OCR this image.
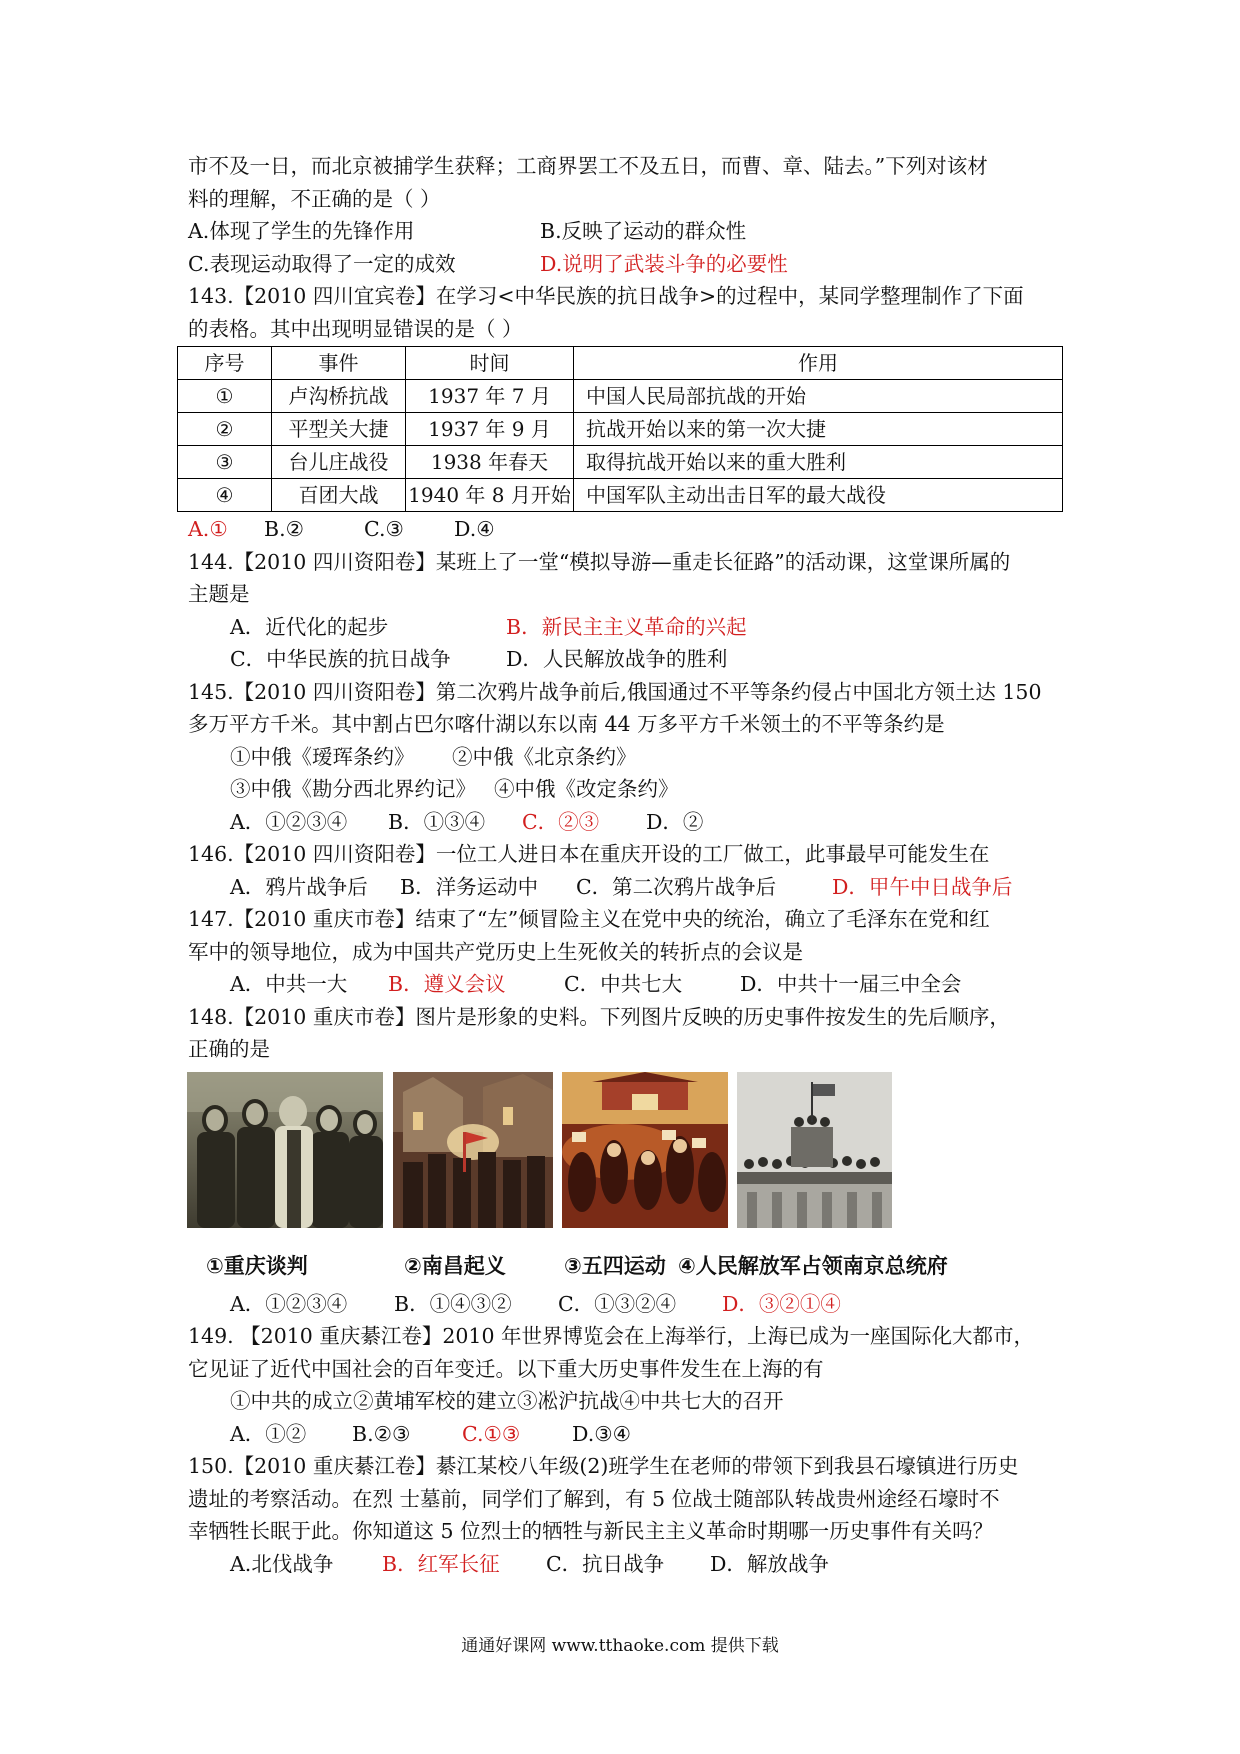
市不及一日，而北京被捕学生获释；工商界罢工不及五日，而曹、章、陆去。”下列对该材
料的理解，不正确的是（ ）
A.体现了学生的先锋作用	B.反映了运动的群众性
C.表现运动取得了一定的成效	D.说明了武装斗争的必要性
143.【2010 四川宜宾卷】在学习<中华民族的抗日战争>的过程中，某同学整理制作了下面
的表格。其中出现明显错误的是（ ）
序号	事件	时间	作用
①	卢沟桥抗战	1937 年 7 月	中国人民局部抗战的开始
②	平型关大捷	1937 年 9 月	抗战开始以来的第一次大捷
③	台儿庄战役	1938 年春天	取得抗战开始以来的重大胜利
④	百团大战	1940 年 8 月开始	中国军队主动出击日军的最大战役
A.①	B.②	C.③	D.④
144.【2010 四川资阳卷】某班上了一堂“模拟导游—重走长征路”的活动课，这堂课所属的
主题是
A．近代化的起步	B．新民主主义革命的兴起
C．中华民族的抗日战争	D．人民解放战争的胜利
145.【2010 四川资阳卷】第二次鸦片战争前后,俄国通过不平等条约侵占中国北方领土达 150
多万平方千米。其中割占巴尔喀什湖以东以南 44 万多平方千米领土的不平等条约是
①中俄《瑷珲条约》	②中俄《北京条约》
③中俄《勘分西北界约记》 ④中俄《改定条约》
A．①②③④	B．①③④	C．②③	D．②
146.【2010 四川资阳卷】一位工人进日本在重庆开设的工厂做工，此事最早可能发生在
A．鸦片战争后	B．洋务运动中	C．第二次鸦片战争后	D．甲午中日战争后
147.【2010 重庆市卷】结束了“左”倾冒险主义在党中央的统治，确立了毛泽东在党和红
军中的领导地位，成为中国共产党历史上生死攸关的转折点的会议是
A．中共一大	B．遵义会议	C．中共七大	D．中共十一届三中全会
148.【2010 重庆市卷】图片是形象的史料。下列图片反映的历史事件按发生的先后顺序，
正确的是
①重庆谈判	②南昌起义	③五四运动 ④人民解放军占领南京总统府
A．①②③④	B．①④③②	C．①③②④	D．③②①④
149. 【2010 重庆綦江卷】2010 年世界博览会在上海举行，上海已成为一座国际化大都市，
它见证了近代中国社会的百年变迁。以下重大历史事件发生在上海的有
①中共的成立②黄埔军校的建立③凇沪抗战④中共七大的召开
A．①②	B.②③	C.①③	D.③④
150.【2010 重庆綦江卷】綦江某校八年级(2)班学生在老师的带领下到我县石壕镇进行历史
遗址的考察活动。在烈 士墓前，同学们了解到，有 5 位战士随部队转战贵州途经石壕时不
幸牺牲长眠于此。你知道这 5 位烈士的牺牲与新民主主义革命时期哪一历史事件有关吗？
A.北伐战争	B．红军长征	C．抗日战争	D．解放战争
通通好课网 www.tthaoke.com 提供下载
